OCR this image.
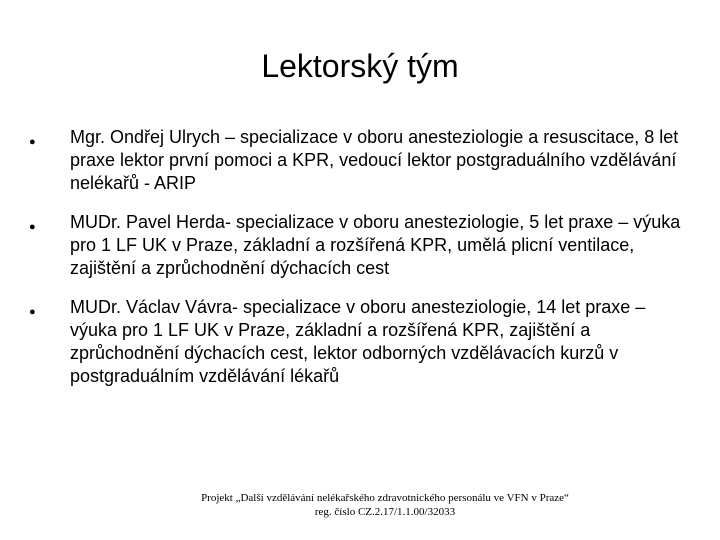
Lektorský tým
● Mgr. Ondřej Ulrych – specializace v oboru anesteziologie a resuscitace, 8 let praxe lektor první pomoci a KPR, vedoucí lektor postgraduálního vzdělávání nelékařů - ARIP
● MUDr. Pavel Herda- specializace v oboru anesteziologie, 5 let praxe – výuka pro 1 LF UK v Praze, základní a rozšířená KPR, umělá plicní ventilace, zajištění a zprůchodnění dýchacích cest
● MUDr. Václav Vávra- specializace v oboru anesteziologie, 14 let praxe – výuka pro 1 LF UK v Praze, základní a rozšířená KPR, zajištění a zprůchodnění dýchacích cest, lektor odborných vzdělávacích kurzů v postgraduálním vzdělávání lékařů
Projekt „Další vzdělávání nelékařského zdravotnického personálu ve VFN v Praze“
reg. číslo CZ.2.17/1.1.00/32033
